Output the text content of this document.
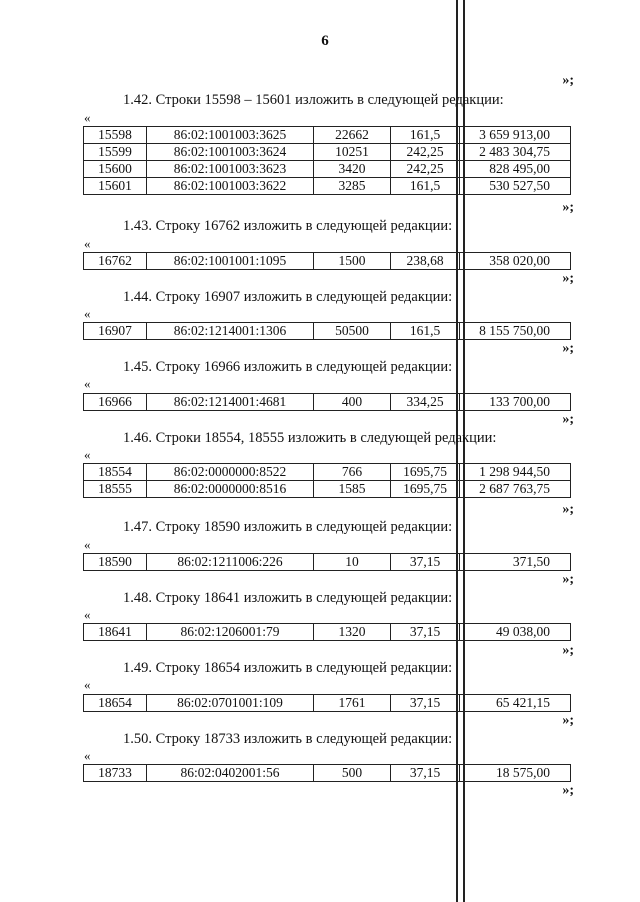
6
»;
1.42. Строки 15598 – 15601 изложить в следующей редакции:
«
15598	86:02:1001003:3625	22662	161,5	3 659 913,00
15599	86:02:1001003:3624	10251	242,25	2 483 304,75
15600	86:02:1001003:3623	3420	242,25	828 495,00
15601	86:02:1001003:3622	3285	161,5	530 527,50
»;
1.43. Строку 16762 изложить в следующей редакции:
«
16762	86:02:1001001:1095	1500	238,68	358 020,00
»;
1.44. Строку 16907 изложить в следующей редакции:
«
16907	86:02:1214001:1306	50500	161,5	8 155 750,00
»;
1.45. Строку 16966 изложить в следующей редакции:
«
16966	86:02:1214001:4681	400	334,25	133 700,00
»;
1.46. Строки 18554, 18555 изложить в следующей редакции:
«
18554	86:02:0000000:8522	766	1695,75	1 298 944,50
18555	86:02:0000000:8516	1585	1695,75	2 687 763,75
»;
1.47. Строку 18590 изложить в следующей редакции:
«
18590	86:02:1211006:226	10	37,15	371,50
»;
1.48. Строку 18641 изложить в следующей редакции:
«
18641	86:02:1206001:79	1320	37,15	49 038,00
»;
1.49. Строку 18654 изложить в следующей редакции:
«
18654	86:02:0701001:109	1761	37,15	65 421,15
»;
1.50. Строку 18733 изложить в следующей редакции:
«
18733	86:02:0402001:56	500	37,15	18 575,00
»;
